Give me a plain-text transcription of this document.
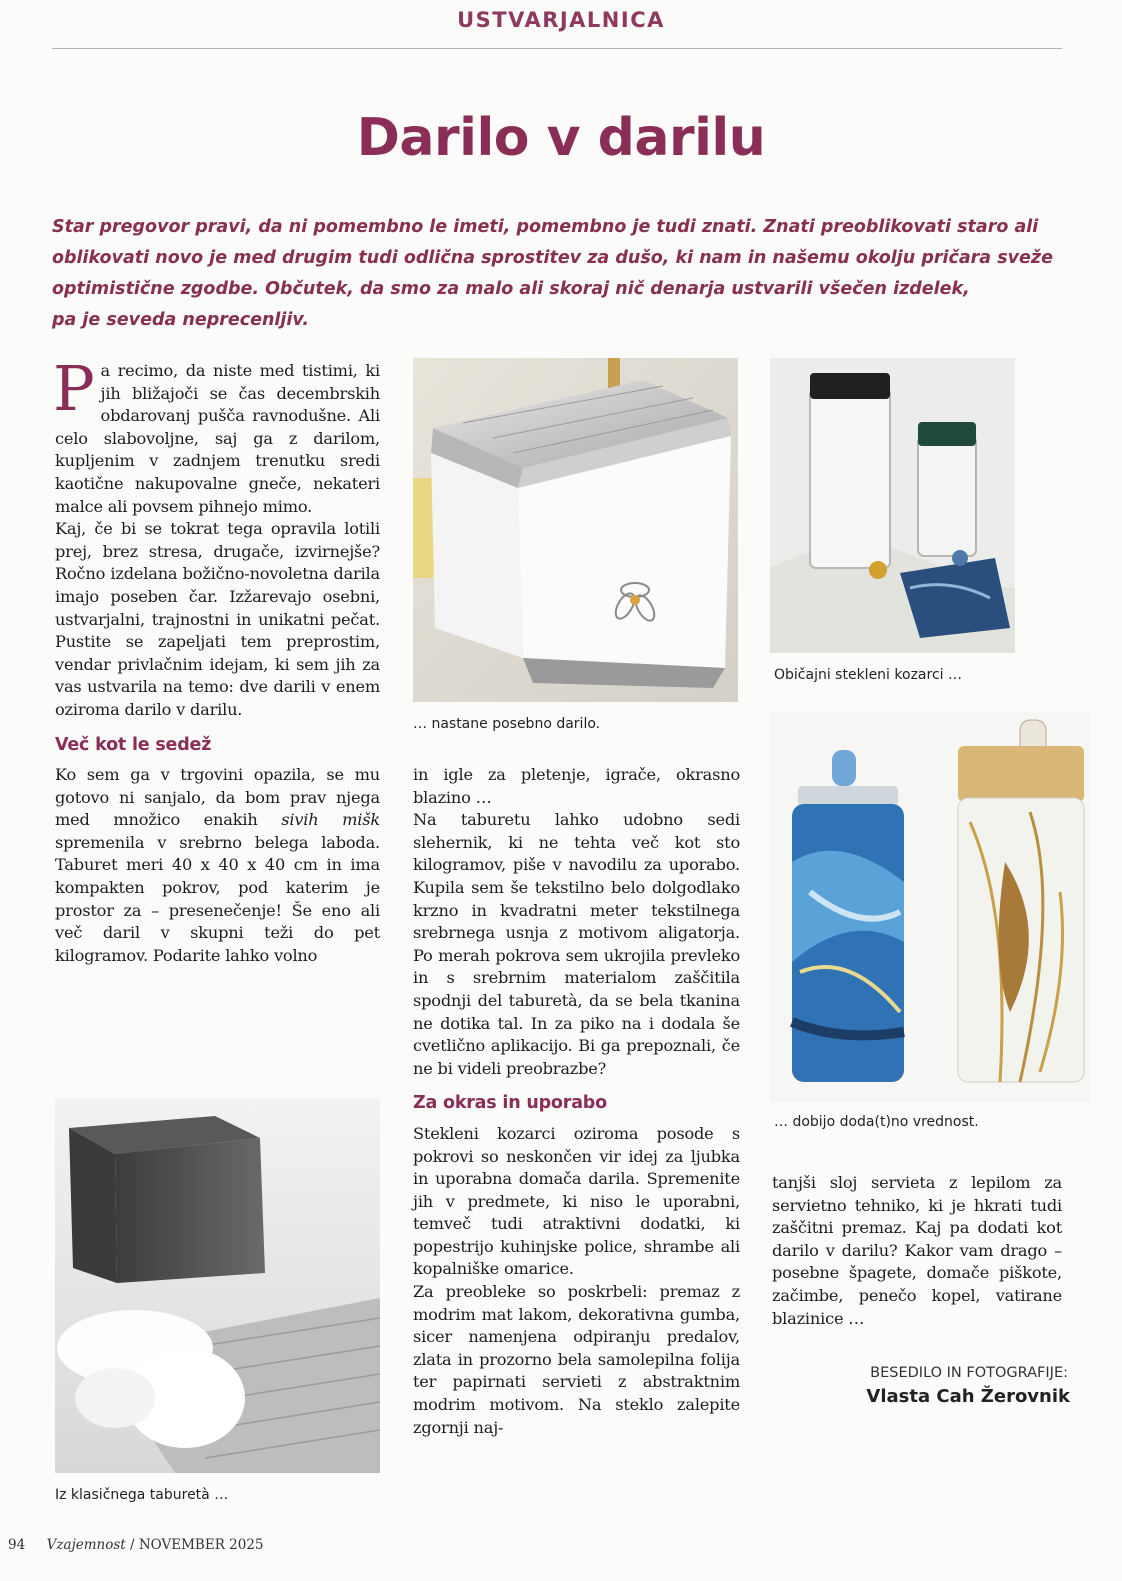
USTVARJALNICA
Darilo v darilu
Star pregovor pravi, da ni pomembno le imeti, pomembno je tudi znati. Znati preoblikovati staro ali
oblikovati novo je med drugim tudi odlična sprostitev za dušo, ki nam in našemu okolju pričara sveže
optimistične zgodbe. Občutek, da smo za malo ali skoraj nič denarja ustvarili všečen izdelek,
pa je seveda neprecenljiv.

Pa recimo, da niste med tistimi, ki jih bližajoči se čas decembrskih obdarovanj pušča ravnodušne. Ali celo slabovoljne, saj ga z darilom, kupljenim v zadnjem trenutku sredi kaotične nakupovalne gneče, nekateri malce ali povsem pihnejo mimo.

Kaj, če bi se tokrat tega opravila lotili prej, brez stresa, drugače, izvirnejše? Ročno izdelana božično-novoletna darila imajo poseben čar. Izžarevajo osebni, ustvarjalni, trajnostni in unikatni pečat. Pustite se zapeljati tem preprostim, vendar privlačnim idejam, ki sem jih za vas ustvarila na temo: dve darili v enem oziroma darilo v darilu.

Več kot le sedež

Ko sem ga v trgovini opazila, se mu gotovo ni sanjalo, da bom prav njega med množico enakih sivih mišk spremenila v srebrno belega laboda. Taburet meri 40 x 40 x 40 cm in ima kompakten pokrov, pod katerim je prostor za – presenečenje! Še eno ali več daril v skupni teži do pet kilogramov. Podarite lahko volno

Iz klasičnega taburetà …
… nastane posebno darilo.

in igle za pletenje, igrače, okrasno blazino …

Na taburetu lahko udobno sedi slehernik, ki ne tehta več kot sto kilogramov, piše v navodilu za uporabo. Kupila sem še tekstilno belo dolgodlako krzno in kvadratni meter tekstilnega srebrnega usnja z motivom aligatorja. Po merah pokrova sem ukrojila prevleko in s srebrnim materialom zaščitila spodnji del taburetà, da se bela tkanina ne dotika tal. In za piko na i dodala še cvetlično aplikacijo. Bi ga prepoznali, če ne bi videli preobrazbe?

Za okras in uporabo

Stekleni kozarci oziroma posode s pokrovi so neskončen vir idej za ljubka in uporabna domača darila. Spremenite jih v predmete, ki niso le uporabni, temveč tudi atraktivni dodatki, ki popestrijo kuhinjske police, shrambe ali kopalniške omarice.

Za preobleke so poskrbeli: premaz z modrim mat lakom, dekorativna gumba, sicer namenjena odpiranju predalov, zlata in prozorno bela samolepilna folija ter papirnati servieti z abstraktnim modrim motivom. Na steklo zalepite zgornji naj-

Običajni stekleni kozarci …
… dobijo doda(t)no vrednost.

tanjši sloj servieta z lepilom za servietno tehniko, ki je hkrati tudi zaščitni premaz. Kaj pa dodati kot darilo v darilu? Kakor vam drago – posebne špagete, domače piškote, začimbe, penečo kopel, vatirane blazinice …

BESEDILO IN FOTOGRAFIJE:
Vlasta Cah Žerovnik
94 Vzajemnost / NOVEMBER 2025
